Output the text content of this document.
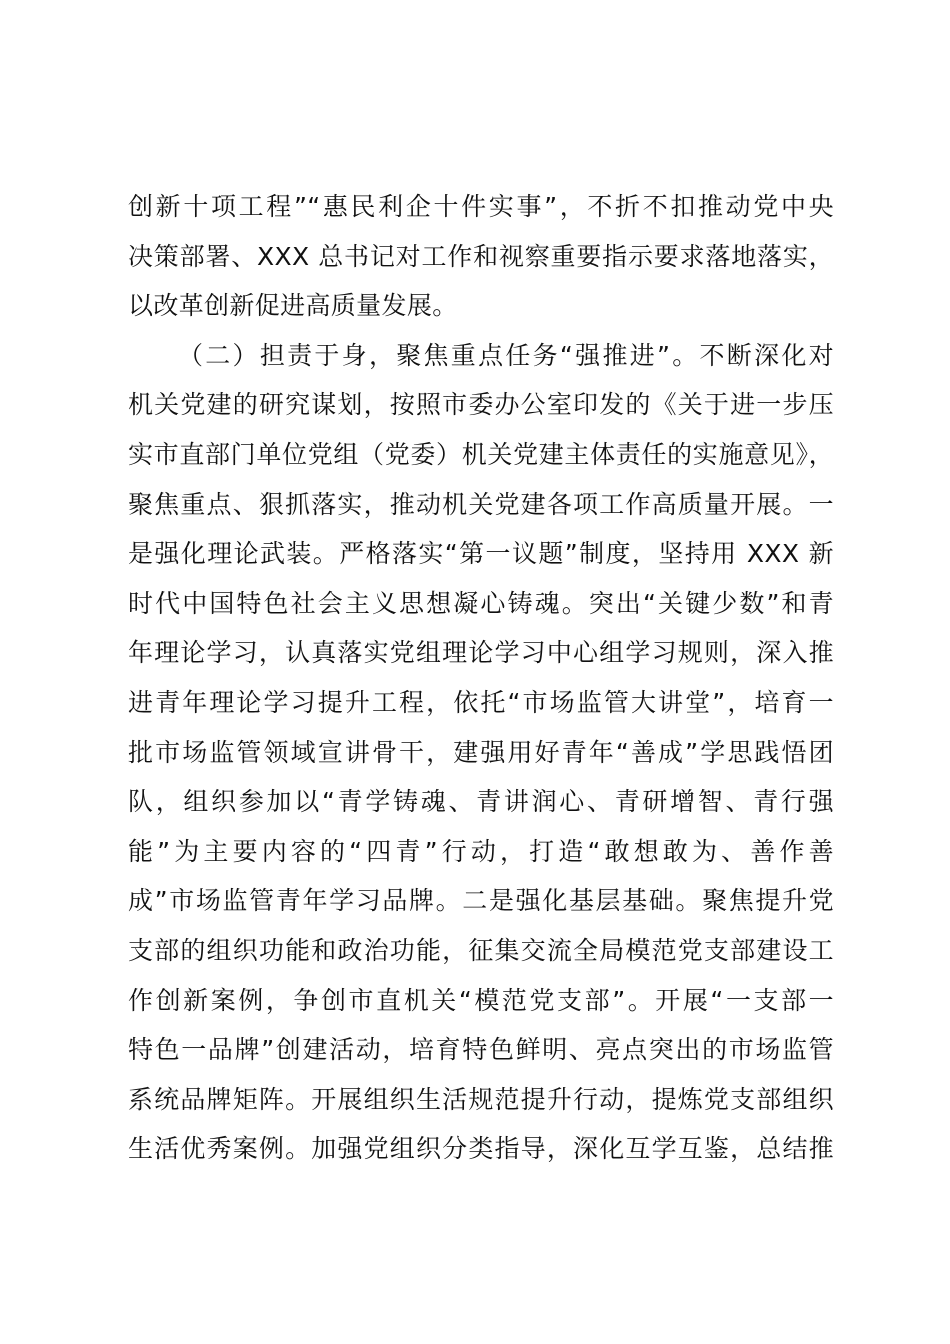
创新十项工程”“惠民利企十件实事”，不折不扣推动党中央
决策部署、XXX 总书记对工作和视察重要指示要求落地落实，
以改革创新促进高质量发展。
（二）担责于身，聚焦重点任务“强推进”。不断深化对
机关党建的研究谋划，按照市委办公室印发的《关于进一步压
实市直部门单位党组（党委）机关党建主体责任的实施意见》，
聚焦重点、狠抓落实，推动机关党建各项工作高质量开展。一
是强化理论武装。严格落实“第一议题”制度，坚持用 XXX 新
时代中国特色社会主义思想凝心铸魂。突出“关键少数”和青
年理论学习，认真落实党组理论学习中心组学习规则，深入推
进青年理论学习提升工程，依托“市场监管大讲堂”，培育一
批市场监管领域宣讲骨干，建强用好青年“善成”学思践悟团
队，组织参加以“青学铸魂、青讲润心、青研增智、青行强
能”为主要内容的“四青”行动，打造“敢想敢为、善作善
成”市场监管青年学习品牌。二是强化基层基础。聚焦提升党
支部的组织功能和政治功能，征集交流全局模范党支部建设工
作创新案例，争创市直机关“模范党支部”。开展“一支部一
特色一品牌”创建活动，培育特色鲜明、亮点突出的市场监管
系统品牌矩阵。开展组织生活规范提升行动，提炼党支部组织
生活优秀案例。加强党组织分类指导，深化互学互鉴，总结推
